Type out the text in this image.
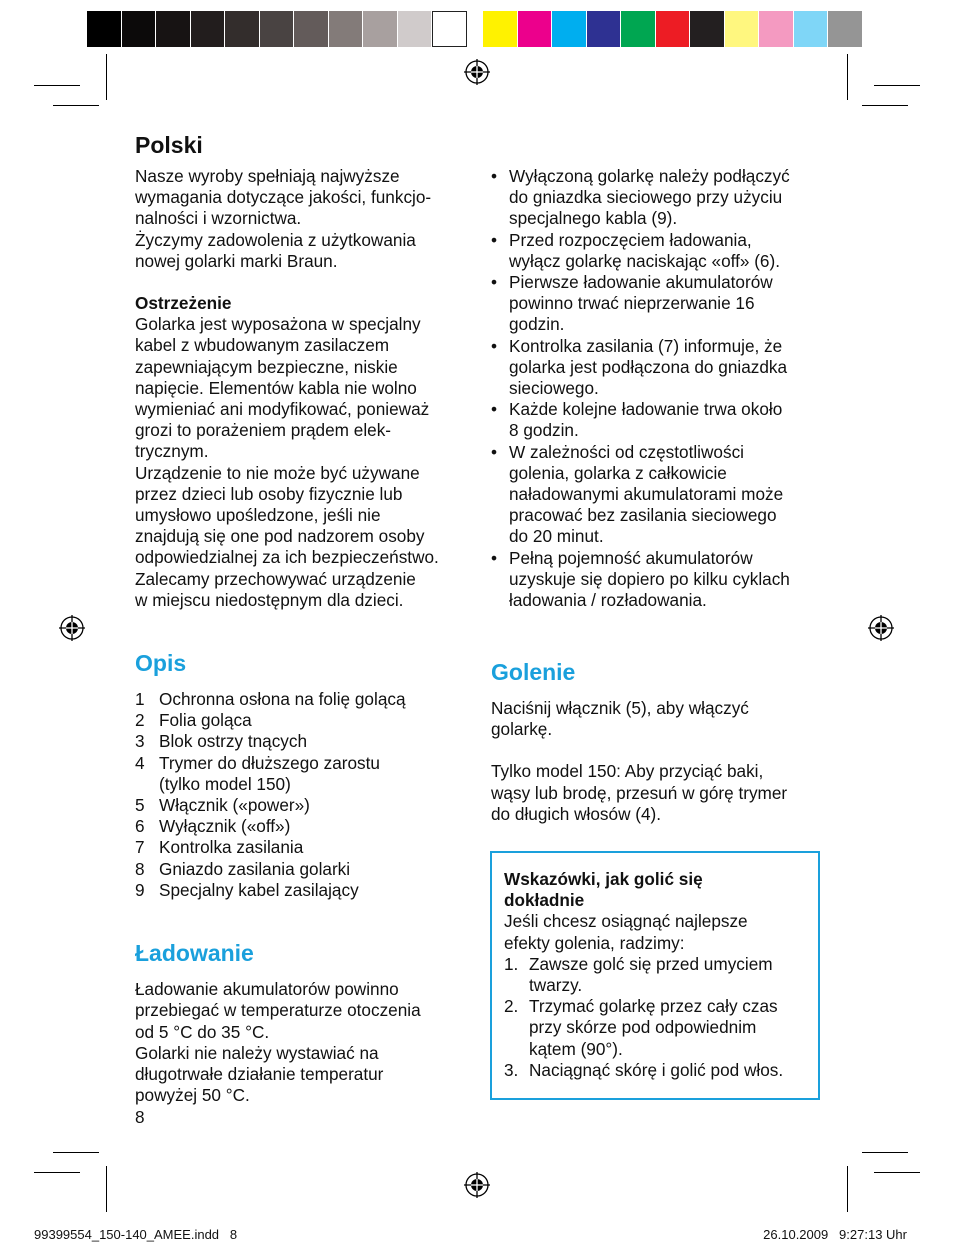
Polski

Nasze wyroby spełniają najwyższe
wymagania dotyczące jakości, funkcjo-
nalności i wzornictwa.
Życzymy zadowolenia z użytkowania
nowej golarki marki Braun.

Ostrzeżenie

Golarka jest wyposażona w specjalny
kabel z wbudowanym zasilaczem
zapewniającym bezpieczne, niskie
napięcie. Elementów kabla nie wolno
wymieniać ani modyfikować, ponieważ
grozi to porażeniem prądem elek-
trycznym.
Urządzenie to nie może być używane
przez dzieci lub osoby fizycznie lub
umysłowo upośledzone, jeśli nie
znajdują się one pod nadzorem osoby
odpowiedzialnej za ich bezpieczeństwo.
Zalecamy przechowywać urządzenie
w miejscu niedostępnym dla dzieci.

Opis
1 Ochronna osłona na folię golącą
2 Folia goląca
3 Blok ostrzy tnących
4 Trymer do dłuższego zarostu
(tylko model 150)
5 Włącznik («power»)
6 Wyłącznik («off»)
7 Kontrolka zasilania
8 Gniazdo zasilania golarki
9 Specjalny kabel zasilający
Ładowanie

Ładowanie akumulatorów powinno
przebiegać w temperaturze otoczenia
od 5 °C do 35 °C.
Golarki nie należy wystawiać na
długotrwałe działanie temperatur
powyżej 50 °C.

8
• Wyłączoną golarkę należy podłączyć
do gniazdka sieciowego przy użyciu
specjalnego kabla (9).
• Przed rozpoczęciem ładowania,
wyłącz golarkę naciskając «off» (6).
• Pierwsze ładowanie akumulatorów
powinno trwać nieprzerwanie 16
godzin.
• Kontrolka zasilania (7) informuje, że
golarka jest podłączona do gniazdka
sieciowego.
• Każde kolejne ładowanie trwa około
8 godzin.
• W zależności od częstotliwości
golenia, golarka z całkowicie
naładowanymi akumulatorami może
pracować bez zasilania sieciowego
do 20 minut.
• Pełną pojemność akumulatorów
uzyskuje się dopiero po kilku cyklach
ładowania / rozładowania.
Golenie

Naciśnij włącznik (5), aby włączyć
golarkę.

Tylko model 150: Aby przyciąć baki,
wąsy lub brodę, przesuń w górę trymer
do długich włosów (4).

Wskazówki, jak golić się
dokładnie

Jeśli chcesz osiągnąć najlepsze
efekty golenia, radzimy:

1. Zawsze golć się przed umyciem
twarzy.
2. Trzymać golarkę przez cały czas
przy skórze pod odpowiednim
kątem (90°).
3. Naciągnąć skórę i golić pod włos.
99399554_150-140_AMEE.indd   8	26.10.2009   9:27:13 Uhr
